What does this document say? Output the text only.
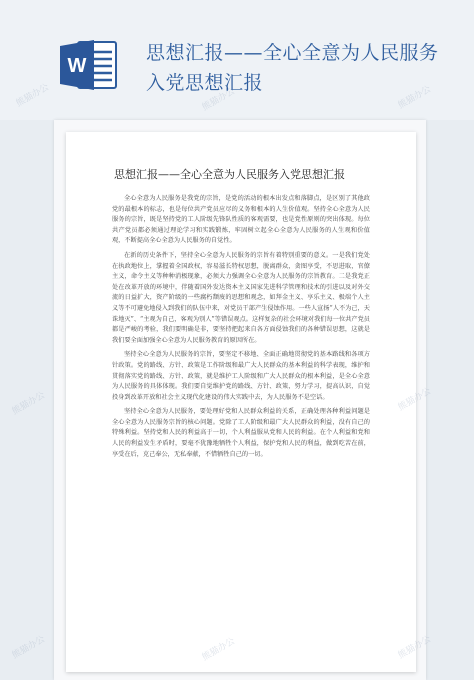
W
思想汇报——全心全意为人民服务入党思想汇报
思想汇报——全心全意为人民服务入党思想汇报

全心全意为人民服务是我党的宗旨，是党的活动的根本出发点和落脚点，是区别了其他政党的最根本的标志，也是每位共产党员应尽的义务和根本的人生价值观。坚持全心全意为人民服务的宗旨，既是坚持党的工人阶级先锋队性质的客观需要，也是党性原则的突出体现。每位共产党员都必须通过理论学习和实践锻炼，牢固树立起全心全意为人民服务的人生观和价值观，不断提高全心全意为人民服务的自觉性。

在新的历史条件下，坚持全心全意为人民服务的宗旨有着特别重要的意义。一是我们党处在执政地位上，掌握着全国政权，容易滋长特权思想，脱离群众，贪图享受，不思进取，官僚主义，命令主义等种种消极现象，必须大力强调全心全意为人民服务的宗旨教育。二是我党正处在改革开放的环境中，伴随着国外发达资本主义国家先进科学管理和技术的引进以及对外交流的日益扩大，资产阶级的一些腐朽颓废的思想和观念，如拜金主义、享乐主义、极端个人主义等不可避免地侵入到我们的队伍中来，对党员干部产生侵蚀作用。一些人宣扬“人不为己，天诛地灭”、“主观为自己，客观为别人”等错误观点。这样复杂的社会环境对我们每一位共产党员都是严峻的考验，我们要明确是非，要坚持把起来自各方面侵蚀我们的各种错误思想，这就是我们要全面加强全心全意为人民服务教育的原因所在。

坚持全心全意为人民服务的宗旨，要坚定不移地、全面正确地贯彻党的基本路线和各项方针政策。党的路线、方针、政策是工作阶级和最广大人民群众的基本利益的科学表现，维护和贯彻落实党的路线、方针、政策，就是维护工人阶级和广大人民群众的根本利益，是全心全意为人民服务的具体体现。我们要自觉维护党的路线、方针、政策，努力学习，提高认识，自觉投身到改革开放和社会主义现代化建设的伟大实践中去，为人民服务不是空话。

坚持全心全意为人民服务，要处理好党和人民群众利益的关系，正确处理各种利益问题是全心全意为人民服务宗旨的核心问题。党除了工人阶级和最广大人民群众的利益，没有自己的特殊利益。坚持党和人民的利益高于一切，个人利益服从党和人民的利益。在个人利益和党和人民的利益发生矛盾时，要毫不犹豫地牺牲个人利益，保护党和人民的利益，做到吃苦在前，享受在后，克己奉公，无私奉献，不惜牺牲自己的一切。

熊猫办公	熊猫办公	熊猫办公
熊猫办公	熊猫办公
熊猫办公	熊猫办公	熊猫办公
